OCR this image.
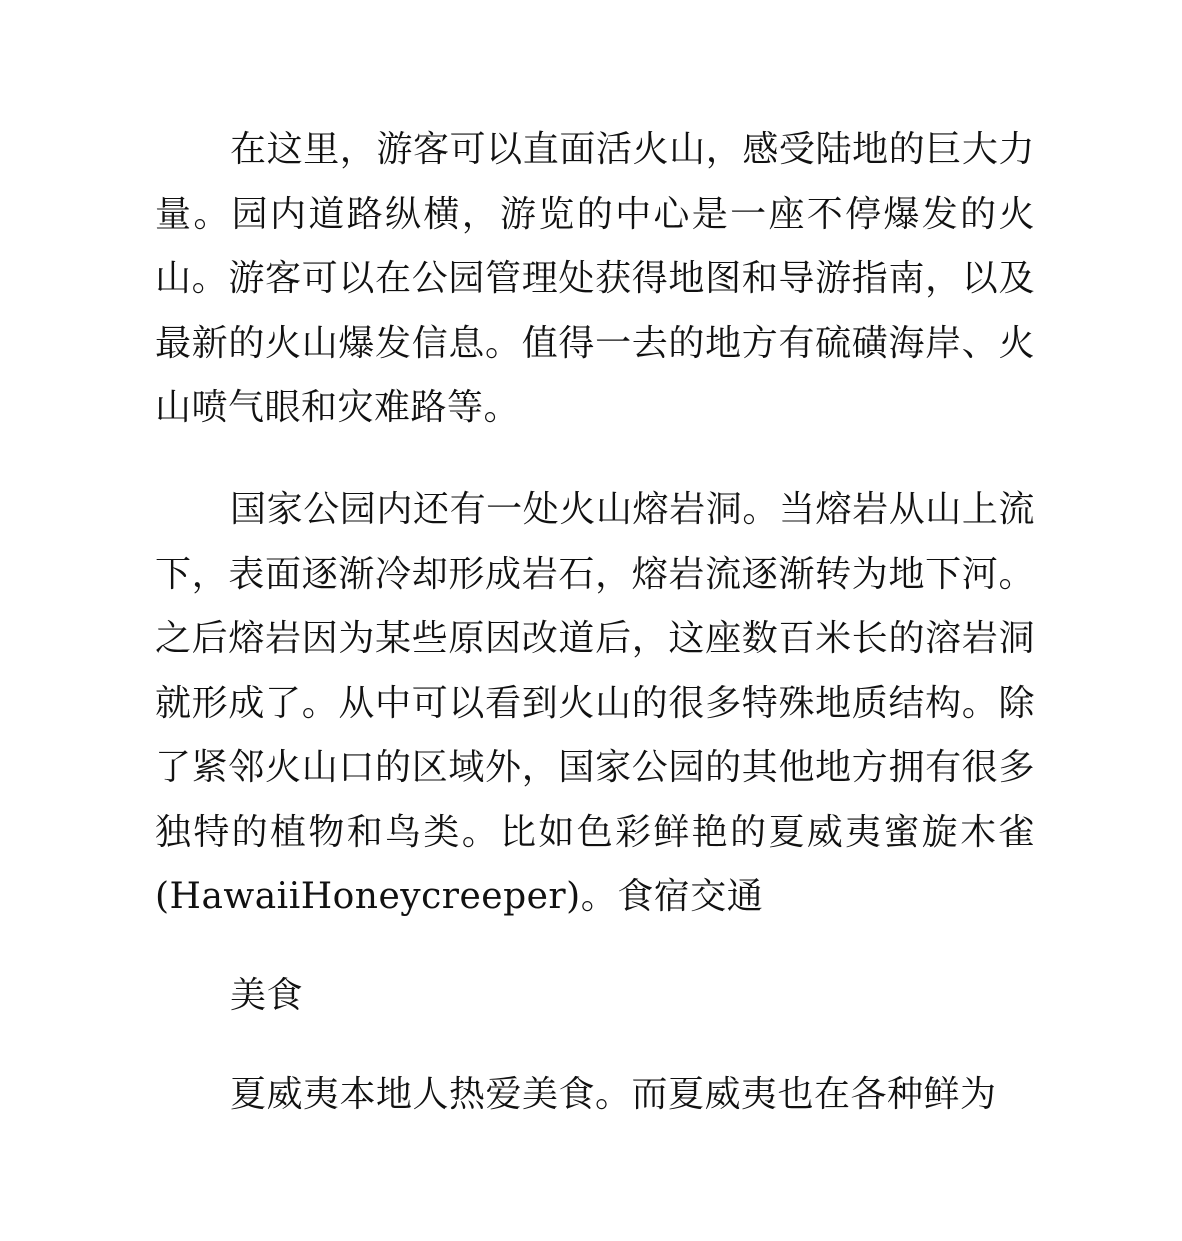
在这里，游客可以直面活火山，感受陆地的巨大力量。园内道路纵横，游览的中心是一座不停爆发的火山。游客可以在公园管理处获得地图和导游指南，以及最新的火山爆发信息。值得一去的地方有硫磺海岸、火山喷气眼和灾难路等。

国家公园内还有一处火山熔岩洞。当熔岩从山上流下，表面逐渐冷却形成岩石，熔岩流逐渐转为地下河。之后熔岩因为某些原因改道后，这座数百米长的溶岩洞就形成了。从中可以看到火山的很多特殊地质结构。除了紧邻火山口的区域外，国家公园的其他地方拥有很多独特的植物和鸟类。比如色彩鲜艳的夏威夷蜜旋木雀(HawaiiHoneycreeper)。食宿交通

美食

夏威夷本地人热爱美食。而夏威夷也在各种鲜为
